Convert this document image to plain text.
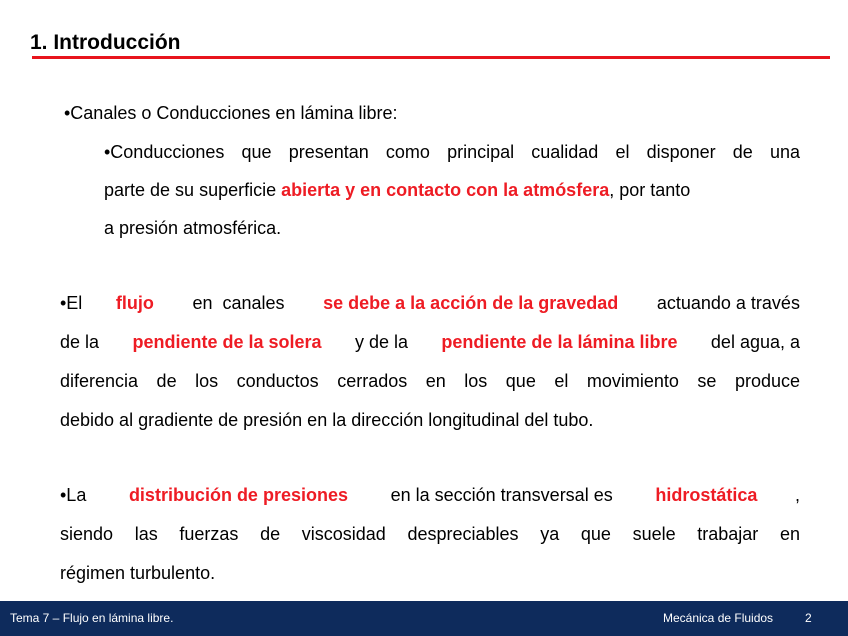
1. Introducción
•Canales o Conducciones en lámina libre:
•Conducciones que presentan como principal cualidad el disponer de una
parte de su superficie abierta y en contacto con la atmósfera, por tanto
a presión atmosférica.
•El flujo en  canales se debe a la acción de la gravedad actuando a través
de la pendiente de la solera y de la pendiente de la lámina libre del agua, a
diferencia de los conductos cerrados en los que el movimiento se produce
debido al gradiente de presión en la dirección longitudinal del tubo.
•La distribución de presiones en la sección transversal es hidrostática ,
siendo las fuerzas de viscosidad despreciables ya que suele trabajar en
régimen turbulento.
Tema 7 – Flujo en lámina libre.	Mecánica de Fluidos	2
